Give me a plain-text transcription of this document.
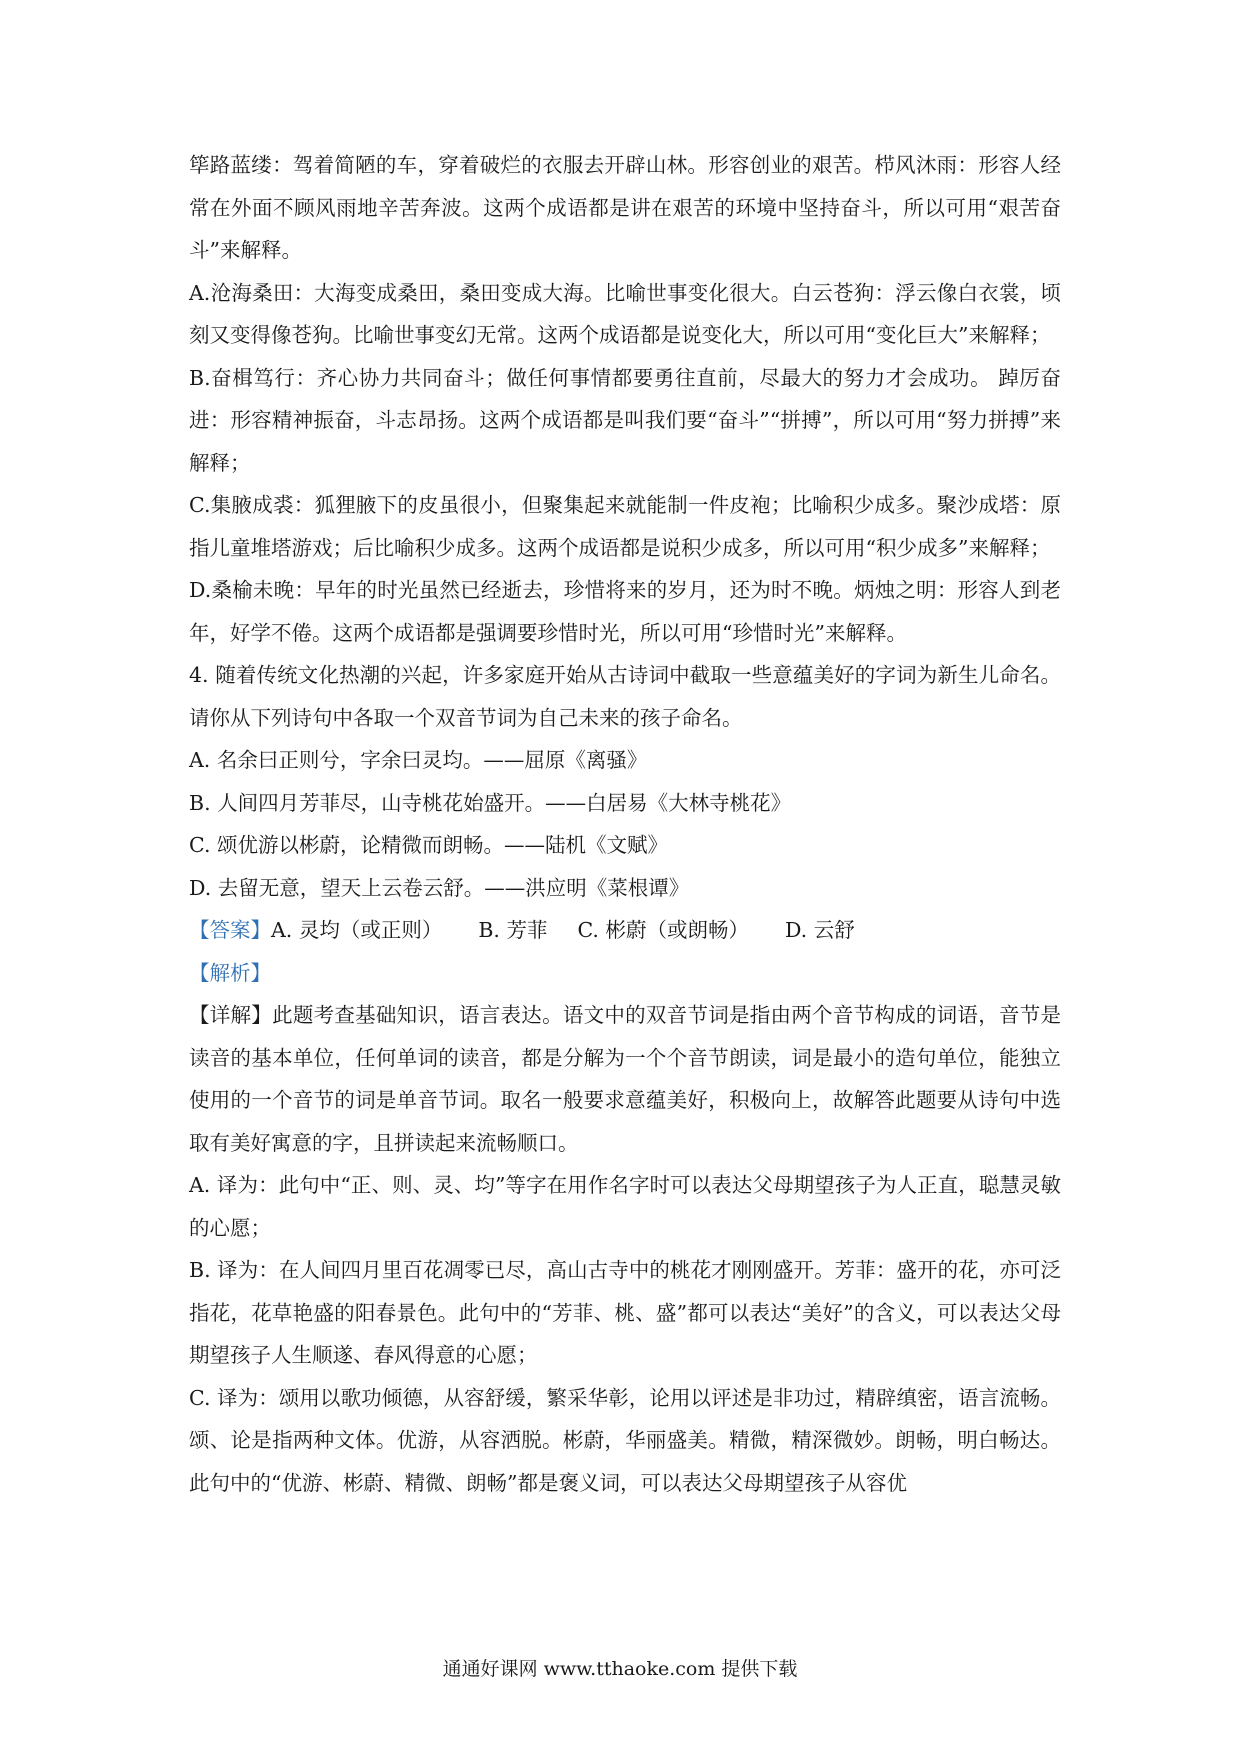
筚路蓝缕：驾着简陋的车，穿着破烂的衣服去开辟山林。形容创业的艰苦。栉风沐雨：形容人经常在外面不顾风雨地辛苦奔波。这两个成语都是讲在艰苦的环境中坚持奋斗，所以可用“艰苦奋斗”来解释。

A.沧海桑田：大海变成桑田，桑田变成大海。比喻世事变化很大。白云苍狗：浮云像白衣裳，顷刻又变得像苍狗。比喻世事变幻无常。这两个成语都是说变化大，所以可用“变化巨大”来解释；

B.奋楫笃行：齐心协力共同奋斗；做任何事情都要勇往直前，尽最大的努力才会成功。 踔厉奋进：形容精神振奋，斗志昂扬。这两个成语都是叫我们要“奋斗”“拼搏”，所以可用“努力拼搏”来解释；

C.集腋成裘：狐狸腋下的皮虽很小，但聚集起来就能制一件皮袍；比喻积少成多。聚沙成塔：原指儿童堆塔游戏；后比喻积少成多。这两个成语都是说积少成多，所以可用“积少成多”来解释；

D.桑榆未晚：早年的时光虽然已经逝去，珍惜将来的岁月，还为时不晚。炳烛之明：形容人到老年，好学不倦。这两个成语都是强调要珍惜时光，所以可用“珍惜时光”来解释。

4. 随着传统文化热潮的兴起，许多家庭开始从古诗词中截取一些意蕴美好的字词为新生儿命名。请你从下列诗句中各取一个双音节词为自己未来的孩子命名。

A. 名余曰正则兮，字余曰灵均。——屈原《离骚》

B. 人间四月芳菲尽，山寺桃花始盛开。——白居易《大林寺桃花》

C. 颂优游以彬蔚，论精微而朗畅。——陆机《文赋》

D. 去留无意，望天上云卷云舒。——洪应明《菜根谭》

【答案】A. 灵均（或正则） B. 芳菲 C. 彬蔚（或朗畅） D. 云舒

【解析】

【详解】此题考查基础知识，语言表达。语文中的双音节词是指由两个音节构成的词语，音节是读音的基本单位，任何单词的读音，都是分解为一个个音节朗读，词是最小的造句单位，能独立使用的一个音节的词是单音节词。取名一般要求意蕴美好，积极向上，故解答此题要从诗句中选取有美好寓意的字，且拼读起来流畅顺口。

A. 译为：此句中“正、则、灵、均”等字在用作名字时可以表达父母期望孩子为人正直，聪慧灵敏的心愿；

B. 译为：在人间四月里百花凋零已尽，高山古寺中的桃花才刚刚盛开。芳菲：盛开的花，亦可泛指花，花草艳盛的阳春景色。此句中的“芳菲、桃、盛”都可以表达“美好”的含义，可以表达父母期望孩子人生顺遂、春风得意的心愿；

C. 译为：颂用以歌功倾德，从容舒缓，繁采华彰，论用以评述是非功过，精辟缜密，语言流畅。颂、论是指两种文体。优游，从容洒脱。彬蔚，华丽盛美。精微，精深微妙。朗畅，明白畅达。此句中的“优游、彬蔚、精微、朗畅”都是褒义词，可以表达父母期望孩子从容优

通通好课网 www.tthaoke.com 提供下载
